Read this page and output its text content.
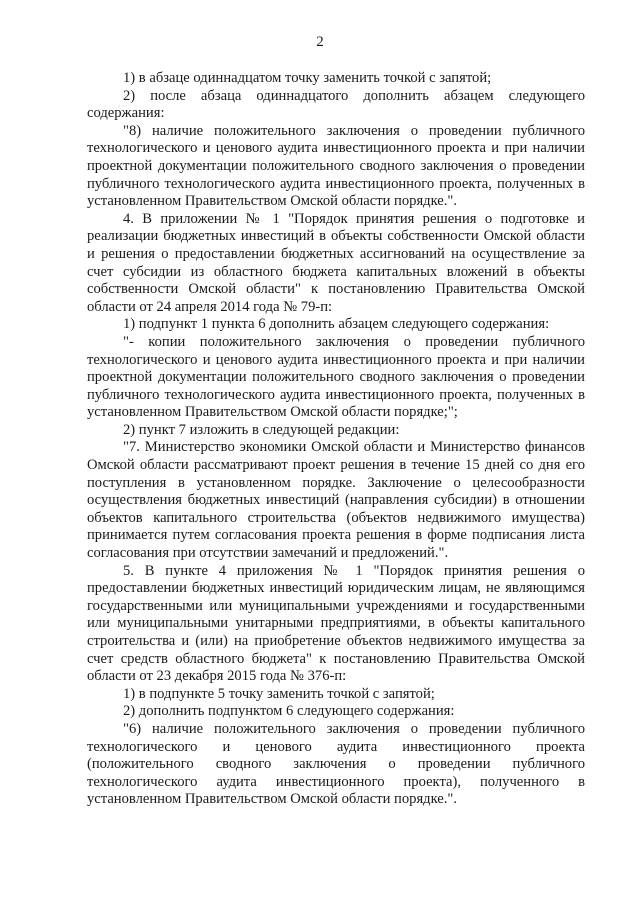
2

1) в абзаце одиннадцатом точку заменить точкой с запятой;

2) после абзаца одиннадцатого дополнить абзацем следующего содержания:

"8) наличие положительного заключения о проведении публичного технологического и ценового аудита инвестиционного проекта и при наличии проектной документации положительного сводного заключения о проведении публичного технологического аудита инвестиционного проекта, полученных в установленном Правительством Омской области порядке.".

4. В приложении № 1 "Порядок принятия решения о подготовке и реализации бюджетных инвестиций в объекты собственности Омской области и решения о предоставлении бюджетных ассигнований на осуществление за счет субсидии из областного бюджета капитальных вложений в объекты собственности Омской области" к постановлению Правительства Омской области от 24 апреля 2014 года № 79-п:

1) подпункт 1 пункта 6 дополнить абзацем следующего содержания:

"- копии положительного заключения о проведении публичного технологического и ценового аудита инвестиционного проекта и при наличии проектной документации положительного сводного заключения о проведении публичного технологического аудита инвестиционного проекта, полученных в установленном Правительством Омской области порядке;";

2) пункт 7 изложить в следующей редакции:

"7. Министерство экономики Омской области и Министерство финансов Омской области рассматривают проект решения в течение 15 дней со дня его поступления в установленном порядке. Заключение о целесообразности осуществления бюджетных инвестиций (направления субсидии) в отношении объектов капитального строительства (объектов недвижимого имущества) принимается путем согласования проекта решения в форме подписания листа согласования при отсутствии замечаний и предложений.".

5. В пункте 4 приложения № 1 "Порядок принятия решения о предоставлении бюджетных инвестиций юридическим лицам, не являющимся государственными или муниципальными учреждениями и государственными или муниципальными унитарными предприятиями, в объекты капитального строительства и (или) на приобретение объектов недвижимого имущества за счет средств областного бюджета" к постановлению Правительства Омской области от 23 декабря 2015 года № 376-п:

1) в подпункте 5 точку заменить точкой с запятой;

2) дополнить подпунктом 6 следующего содержания:

"6) наличие положительного заключения о проведении публичного технологического и ценового аудита инвестиционного проекта (положительного сводного заключения о проведении публичного технологического аудита инвестиционного проекта), полученного в установленном Правительством Омской области порядке.".
